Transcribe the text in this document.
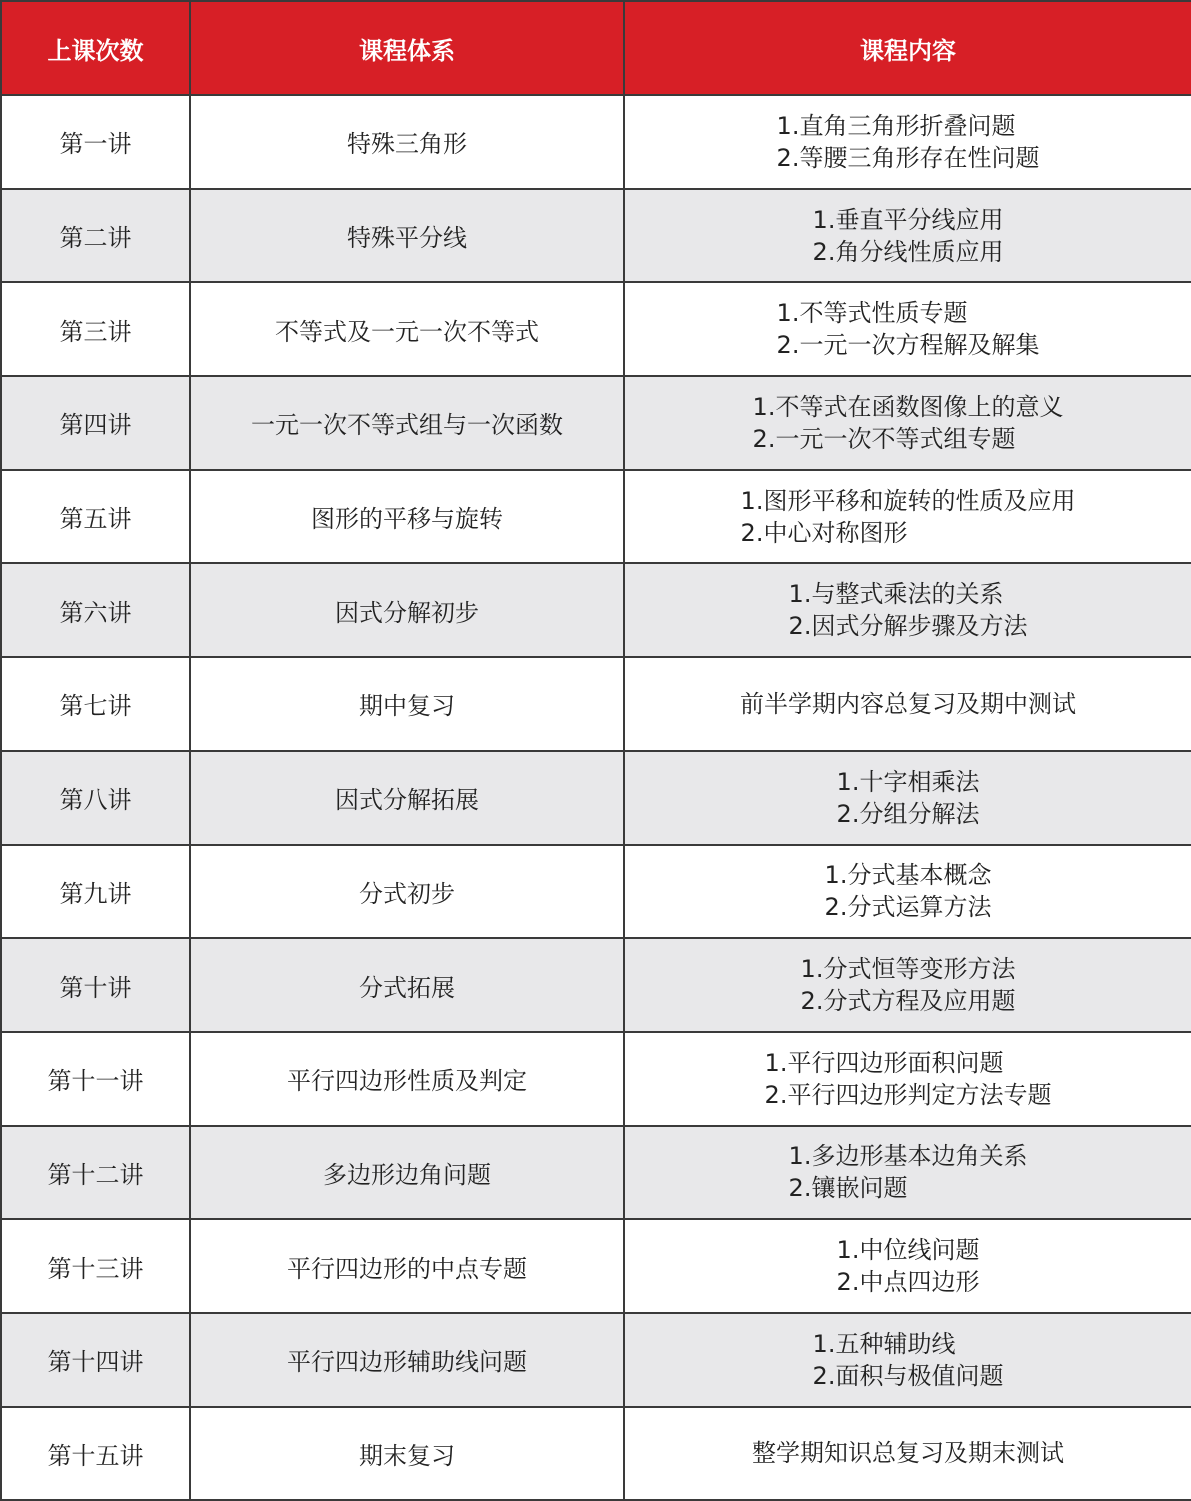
上课次数	课程体系	课程内容
第一讲	特殊三角形	1.直角三角形折叠问题
2.等腰三角形存在性问题

第二讲	特殊平分线	1.垂直平分线应用
2.角分线性质应用

第三讲	不等式及一元一次不等式	1.不等式性质专题
2.一元一次方程解及解集

第四讲	一元一次不等式组与一次函数	1.不等式在函数图像上的意义
2.一元一次不等式组专题

第五讲	图形的平移与旋转	1.图形平移和旋转的性质及应用
2.中心对称图形

第六讲	因式分解初步	1.与整式乘法的关系
2.因式分解步骤及方法

第七讲	期中复习	前半学期内容总复习及期中测试

第八讲	因式分解拓展	1.十字相乘法
2.分组分解法

第九讲	分式初步	1.分式基本概念
2.分式运算方法

第十讲	分式拓展	1.分式恒等变形方法
2.分式方程及应用题

第十一讲	平行四边形性质及判定	1.平行四边形面积问题
2.平行四边形判定方法专题

第十二讲	多边形边角问题	1.多边形基本边角关系
2.镶嵌问题

第十三讲	平行四边形的中点专题	1.中位线问题
2.中点四边形

第十四讲	平行四边形辅助线问题	1.五种辅助线
2.面积与极值问题

第十五讲	期末复习	整学期知识总复习及期末测试
